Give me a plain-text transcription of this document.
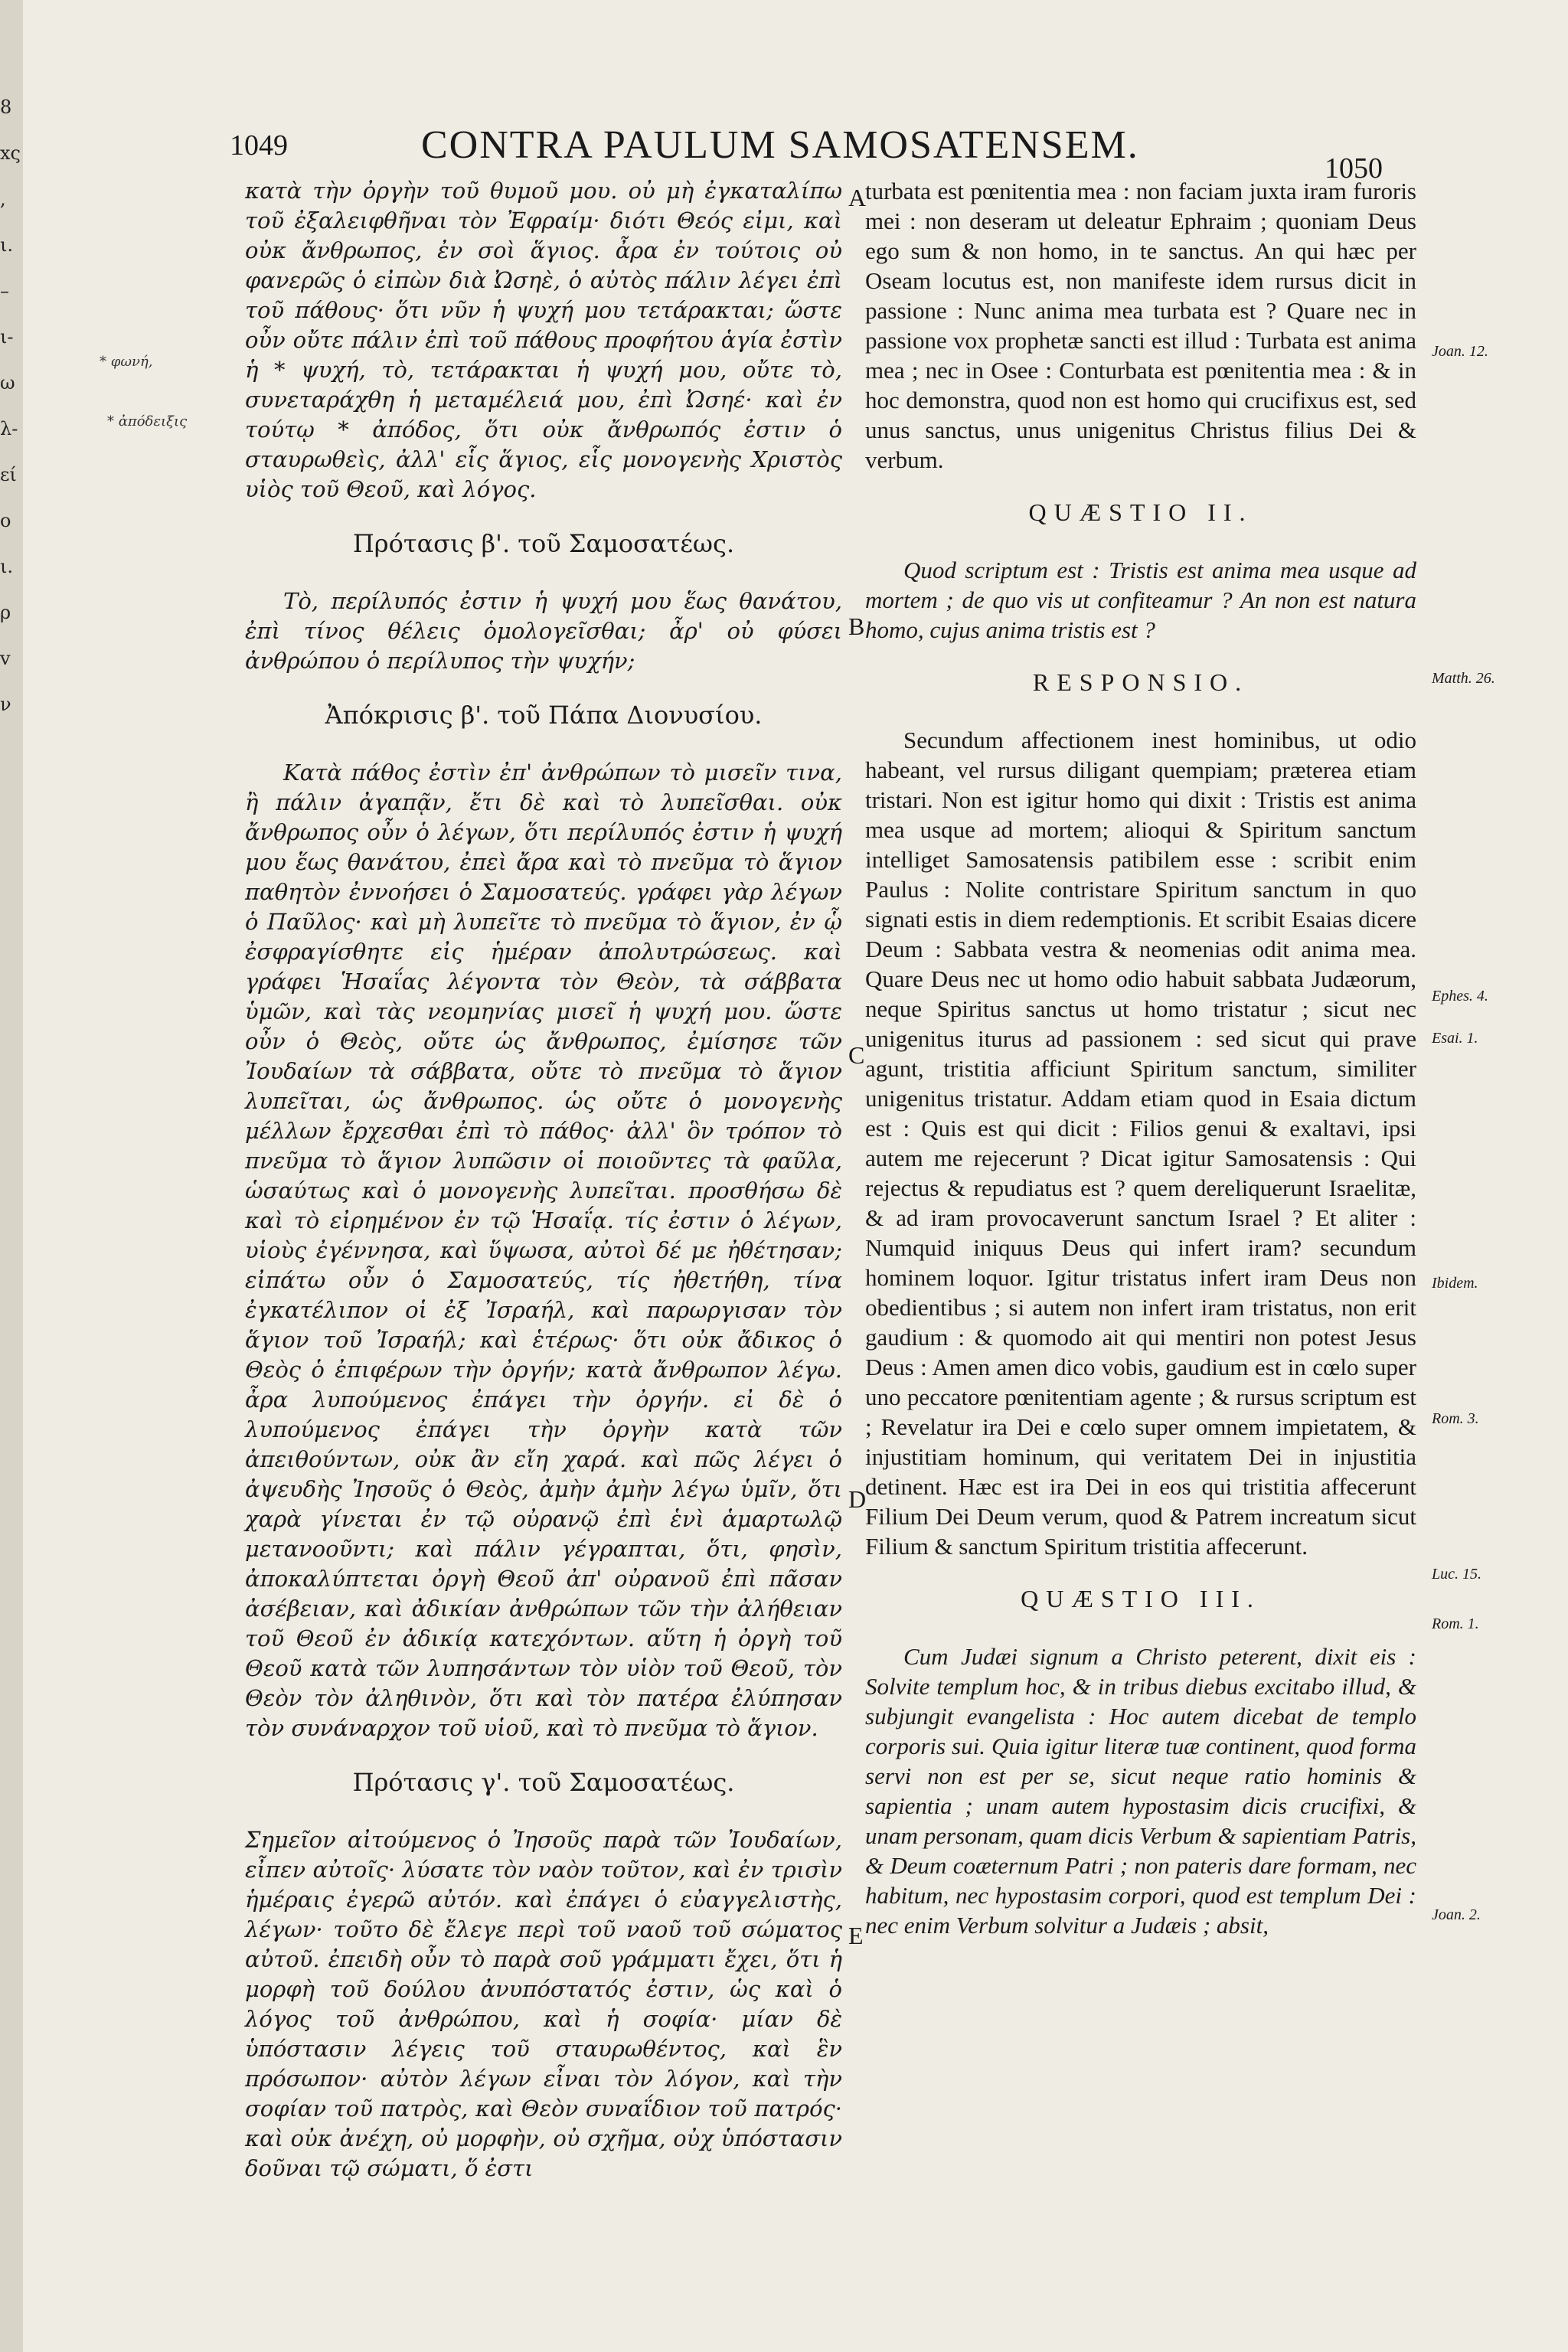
8
xς
,
ι.
–
ι-
ω
λ-
εί
ο
ι.
ρ
v
ν
1049	CONTRA PAULUM SAMOSATENSEM.
1050
* φωνή,
* ἀπόδειξις
A
B
C
D
E
Joan. 12.
Matth. 26.
Ephes. 4.
Esai. 1.
Ibidem.
Rom. 3.
Luc. 15.
Rom. 1.
Joan. 2.

κατὰ τὴν ὀργὴν τοῦ θυμοῦ μου. οὐ μὴ ἐγκαταλίπω τοῦ ἐξαλειφθῆναι τὸν Ἐφραίμ· διότι Θεός εἰμι, καὶ οὐκ ἄνθρωπος, ἐν σοὶ ἅγιος. ἆρα ἐν τούτοις οὐ φανερῶς ὁ εἰπὼν διὰ Ὠσηὲ, ὁ αὐτὸς πάλιν λέγει ἐπὶ τοῦ πάθους· ὅτι νῦν ἡ ψυχή μου τετάρακται; ὥστε οὖν οὔτε πάλιν ἐπὶ τοῦ πάθους προφήτου ἁγία ἐστὶν ἡ * ψυχή, τὸ, τετάρακται ἡ ψυχή μου, οὔτε τὸ, συνεταράχθη ἡ μεταμέλειά μου, ἐπὶ Ὠσηέ· καὶ ἐν τούτῳ * ἀπόδος, ὅτι οὐκ ἄνθρωπός ἐστιν ὁ σταυρωθεὶς, ἀλλ' εἷς ἅγιος, εἷς μονογενὴς Χριστὸς υἱὸς τοῦ Θεοῦ, καὶ λόγος.

Πρότασις β'. τοῦ Σαμοσατέως.

Τὸ, περίλυπός ἐστιν ἡ ψυχή μου ἕως θανάτου, ἐπὶ τίνος θέλεις ὁμολογεῖσθαι; ἆρ' οὐ φύσει ἀνθρώπου ὁ περίλυπος τὴν ψυχήν;

Ἀπόκρισις β'. τοῦ Πάπα Διονυσίου.

Κατὰ πάθος ἐστὶν ἐπ' ἀνθρώπων τὸ μισεῖν τινα, ἢ πάλιν ἀγαπᾷν, ἔτι δὲ καὶ τὸ λυπεῖσθαι. οὐκ ἄνθρωπος οὖν ὁ λέγων, ὅτι περίλυπός ἐστιν ἡ ψυχή μου ἕως θανάτου, ἐπεὶ ἄρα καὶ τὸ πνεῦμα τὸ ἅγιον παθητὸν ἐννοήσει ὁ Σαμοσατεύς. γράφει γὰρ λέγων ὁ Παῦλος· καὶ μὴ λυπεῖτε τὸ πνεῦμα τὸ ἅγιον, ἐν ᾧ ἐσφραγίσθητε εἰς ἡμέραν ἀπολυτρώσεως. καὶ γράφει Ἡσαΐας λέγοντα τὸν Θεὸν, τὰ σάββατα ὑμῶν, καὶ τὰς νεομηνίας μισεῖ ἡ ψυχή μου. ὥστε οὖν ὁ Θεὸς, οὔτε ὡς ἄνθρωπος, ἐμίσησε τῶν Ἰουδαίων τὰ σάββατα, οὔτε τὸ πνεῦμα τὸ ἅγιον λυπεῖται, ὡς ἄνθρωπος. ὡς οὔτε ὁ μονογενὴς μέλλων ἔρχεσθαι ἐπὶ τὸ πάθος· ἀλλ' ὃν τρόπον τὸ πνεῦμα τὸ ἅγιον λυπῶσιν οἱ ποιοῦντες τὰ φαῦλα, ὡσαύτως καὶ ὁ μονογενὴς λυπεῖται. προσθήσω δὲ καὶ τὸ εἰρημένον ἐν τῷ Ἡσαΐᾳ. τίς ἐστιν ὁ λέγων, υἱοὺς ἐγέννησα, καὶ ὕψωσα, αὐτοὶ δέ με ἠθέτησαν; εἰπάτω οὖν ὁ Σαμοσατεύς, τίς ἠθετήθη, τίνα ἐγκατέλιπον οἱ ἐξ Ἰσραήλ, καὶ παρωργισαν τὸν ἅγιον τοῦ Ἰσραήλ; καὶ ἑτέρως· ὅτι οὐκ ἄδικος ὁ Θεὸς ὁ ἐπιφέρων τὴν ὀργήν; κατὰ ἄνθρωπον λέγω. ἆρα λυπούμενος ἐπάγει τὴν ὀργήν. εἰ δὲ ὁ λυπούμενος ἐπάγει τὴν ὀργὴν κατὰ τῶν ἀπειθούντων, οὐκ ἂν εἴη χαρά. καὶ πῶς λέγει ὁ ἀψευδὴς Ἰησοῦς ὁ Θεὸς, ἀμὴν ἀμὴν λέγω ὑμῖν, ὅτι χαρὰ γίνεται ἐν τῷ οὐρανῷ ἐπὶ ἑνὶ ἁμαρτωλῷ μετανοοῦντι; καὶ πάλιν γέγραπται, ὅτι, φησὶν, ἀποκαλύπτεται ὀργὴ Θεοῦ ἀπ' οὐρανοῦ ἐπὶ πᾶσαν ἀσέβειαν, καὶ ἀδικίαν ἀνθρώπων τῶν τὴν ἀλήθειαν τοῦ Θεοῦ ἐν ἀδικίᾳ κατεχόντων. αὕτη ἡ ὀργὴ τοῦ Θεοῦ κατὰ τῶν λυπησάντων τὸν υἱὸν τοῦ Θεοῦ, τὸν Θεὸν τὸν ἀληθινὸν, ὅτι καὶ τὸν πατέρα ἐλύπησαν τὸν συνάναρχον τοῦ υἱοῦ, καὶ τὸ πνεῦμα τὸ ἅγιον.

Πρότασις γ'. τοῦ Σαμοσατέως.

Σημεῖον αἰτούμενος ὁ Ἰησοῦς παρὰ τῶν Ἰουδαίων, εἶπεν αὐτοῖς· λύσατε τὸν ναὸν τοῦτον, καὶ ἐν τρισὶν ἡμέραις ἐγερῶ αὐτόν. καὶ ἐπάγει ὁ εὐαγγελιστὴς, λέγων· τοῦτο δὲ ἔλεγε περὶ τοῦ ναοῦ τοῦ σώματος αὐτοῦ. ἐπειδὴ οὖν τὸ παρὰ σοῦ γράμματι ἔχει, ὅτι ἡ μορφὴ τοῦ δούλου ἀνυπόστατός ἐστιν, ὡς καὶ ὁ λόγος τοῦ ἀνθρώπου, καὶ ἡ σοφία· μίαν δὲ ὑπόστασιν λέγεις τοῦ σταυρωθέντος, καὶ ἓν πρόσωπον· αὐτὸν λέγων εἶναι τὸν λόγον, καὶ τὴν σοφίαν τοῦ πατρὸς, καὶ Θεὸν συναΐδιον τοῦ πατρός· καὶ οὐκ ἀνέχη, οὐ μορφὴν, οὐ σχῆμα, οὐχ ὑπόστασιν δοῦναι τῷ σώματι, ὅ ἐστι

turbata est pœnitentia mea : non faciam juxta iram furoris mei : non deseram ut deleatur Ephraim ; quoniam Deus ego sum & non homo, in te sanctus. An qui hæc per Oseam locutus est, non manifeste idem rursus dicit in passione : Nunc anima mea turbata est ? Quare nec in passione vox prophetæ sancti est illud : Turbata est anima mea ; nec in Osee : Conturbata est pœnitentia mea : & in hoc demonstra, quod non est homo qui crucifixus est, sed unus sanctus, unus unigenitus Christus filius Dei & verbum.

QUÆSTIO II.

Quod scriptum est : Tristis est anima mea usque ad mortem ; de quo vis ut confiteamur ? An non est natura homo, cujus anima tristis est ?

RESPONSIO.

Secundum affectionem inest hominibus, ut odio habeant, vel rursus diligant quempiam; præterea etiam tristari. Non est igitur homo qui dixit : Tristis est anima mea usque ad mortem; alioqui & Spiritum sanctum intelliget Samosatensis patibilem esse : scribit enim Paulus : Nolite contristare Spiritum sanctum in quo signati estis in diem redemptionis. Et scribit Esaias dicere Deum : Sabbata vestra & neomenias odit anima mea. Quare Deus nec ut homo odio habuit sabbata Judæorum, neque Spiritus sanctus ut homo tristatur ; sicut nec unigenitus iturus ad passionem : sed sicut qui prave agunt, tristitia afficiunt Spiritum sanctum, similiter unigenitus tristatur. Addam etiam quod in Esaia dictum est : Quis est qui dicit : Filios genui & exaltavi, ipsi autem me rejecerunt ? Dicat igitur Samosatensis : Qui rejectus & repudiatus est ? quem dereliquerunt Israelitæ, & ad iram provocaverunt sanctum Israel ? Et aliter : Numquid iniquus Deus qui infert iram? secundum hominem loquor. Igitur tristatus infert iram Deus non obedientibus ; si autem non infert iram tristatus, non erit gaudium : & quomodo ait qui mentiri non potest Jesus Deus : Amen amen dico vobis, gaudium est in cœlo super uno peccatore pœnitentiam agente ; & rursus scriptum est ; Revelatur ira Dei e cœlo super omnem impietatem, & injustitiam hominum, qui veritatem Dei in injustitia detinent. Hæc est ira Dei in eos qui tristitia affecerunt Filium Dei Deum verum, quod & Patrem increatum sicut Filium & sanctum Spiritum tristitia affecerunt.

QUÆSTIO III.

Cum Judæi signum a Christo peterent, dixit eis : Solvite templum hoc, & in tribus diebus excitabo illud, & subjungit evangelista : Hoc autem dicebat de templo corporis sui. Quia igitur literæ tuæ continent, quod forma servi non est per se, sicut neque ratio hominis & sapientia ; unam autem hypostasim dicis crucifixi, & unam personam, quam dicis Verbum & sapientiam Patris, & Deum coæternum Patri ; non pateris dare formam, nec habitum, nec hypostasim corpori, quod est templum Dei : nec enim Verbum solvitur a Judæis ; absit,
